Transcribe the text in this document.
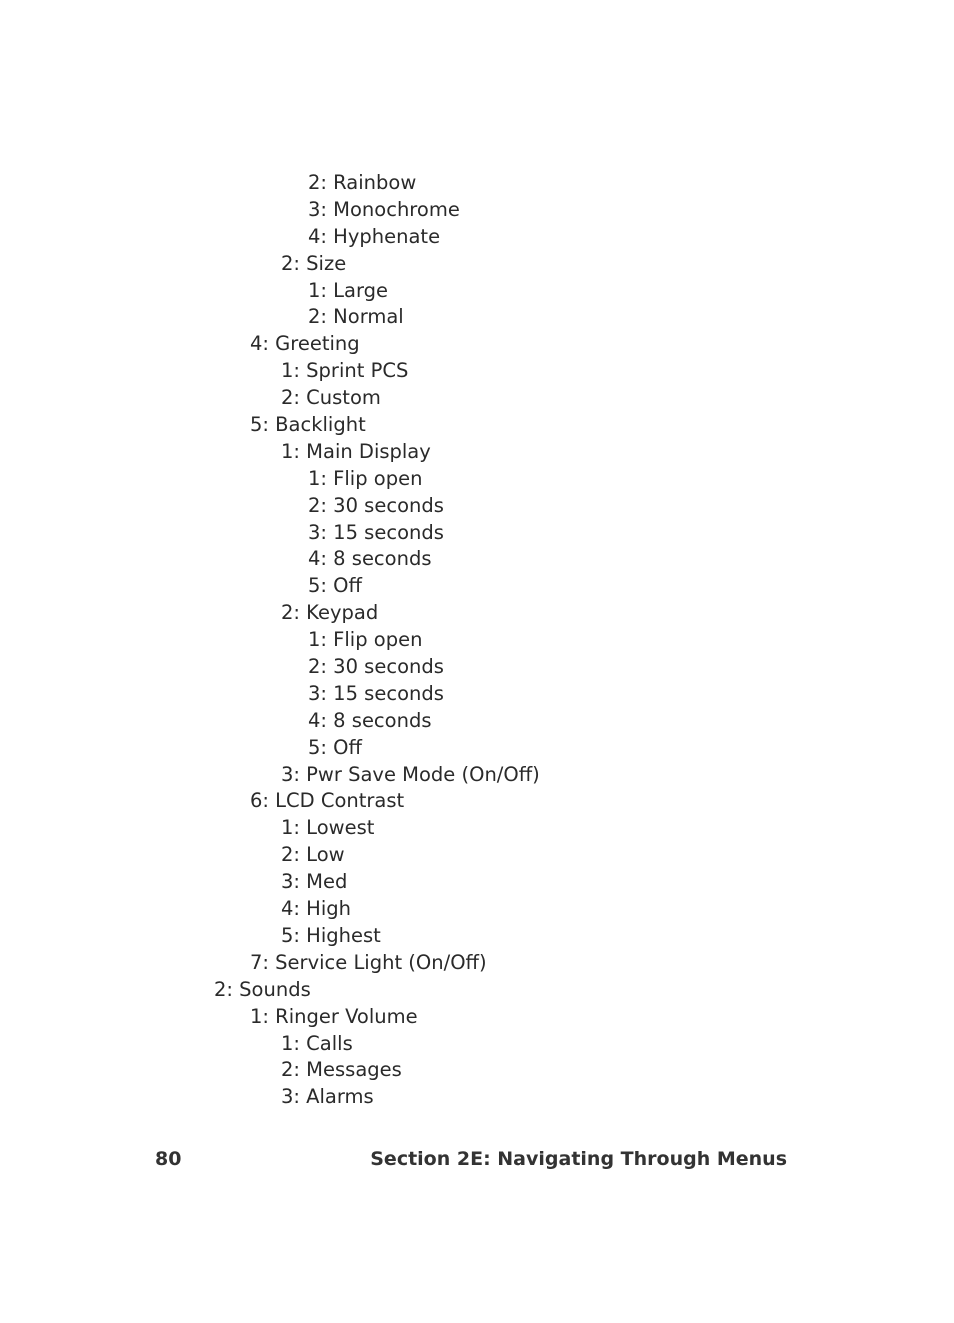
2: Rainbow
3: Monochrome
4: Hyphenate
2: Size
1: Large
2: Normal
4: Greeting
1: Sprint PCS
2: Custom
5: Backlight
1: Main Display
1: Flip open
2: 30 seconds
3: 15 seconds
4: 8 seconds
5: Off
2: Keypad
1: Flip open
2: 30 seconds
3: 15 seconds
4: 8 seconds
5: Off
3: Pwr Save Mode (On/Off)
6: LCD Contrast
1: Lowest
2: Low
3: Med
4: High
5: Highest
7: Service Light (On/Off)
2: Sounds
1: Ringer Volume
1: Calls
2: Messages
3: Alarms
80	Section 2E: Navigating Through Menus
